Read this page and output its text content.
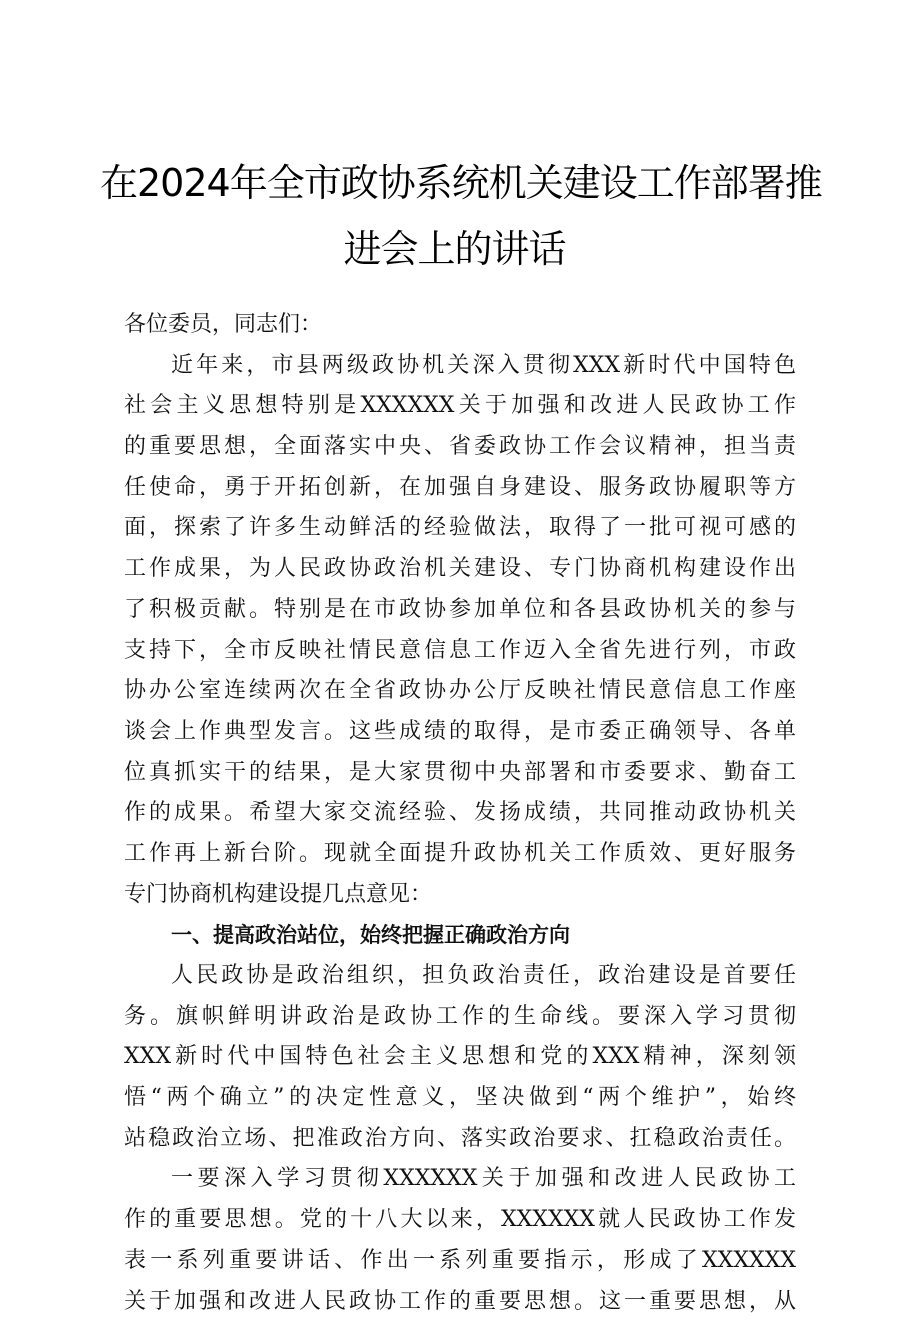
在2024年全市政协系统机关建设工作部署推
进会上的讲话
各位委员，同志们：
近年来，市县两级政协机关深入贯彻XXX新时代中国特色
社会主义思想特别是XXXXXX关于加强和改进人民政协工作
的重要思想，全面落实中央、省委政协工作会议精神，担当责
任使命，勇于开拓创新，在加强自身建设、服务政协履职等方
面，探索了许多生动鲜活的经验做法，取得了一批可视可感的
工作成果，为人民政协政治机关建设、专门协商机构建设作出
了积极贡献。特别是在市政协参加单位和各县政协机关的参与
支持下，全市反映社情民意信息工作迈入全省先进行列，市政
协办公室连续两次在全省政协办公厅反映社情民意信息工作座
谈会上作典型发言。这些成绩的取得，是市委正确领导、各单
位真抓实干的结果，是大家贯彻中央部署和市委要求、勤奋工
作的成果。希望大家交流经验、发扬成绩，共同推动政协机关
工作再上新台阶。现就全面提升政协机关工作质效、更好服务
专门协商机构建设提几点意见：
一、提高政治站位，始终把握正确政治方向
人民政协是政治组织，担负政治责任，政治建设是首要任
务。旗帜鲜明讲政治是政协工作的生命线。要深入学习贯彻
XXX新时代中国特色社会主义思想和党的XXX精神，深刻领
悟“两个确立”的决定性意义，坚决做到“两个维护”，始终
站稳政治立场、把准政治方向、落实政治要求、扛稳政治责任。
一要深入学习贯彻XXXXXX关于加强和改进人民政协工
作的重要思想。党的十八大以来，XXXXXX就人民政协工作发
表一系列重要讲话、作出一系列重要指示，形成了XXXXXX
关于加强和改进人民政协工作的重要思想。这一重要思想，从
